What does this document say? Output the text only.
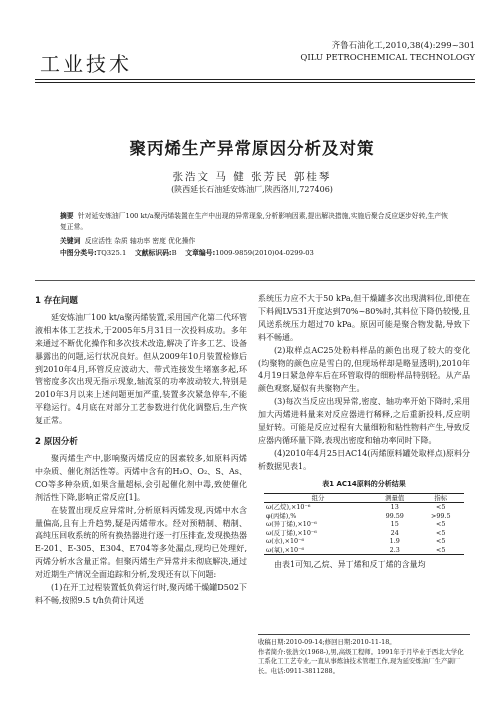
工业技术
齐鲁石油化工,2010,38(4):299~301
QILU PETROCHEMICAL TECHNOLOGY
聚丙烯生产异常原因分析及对策
张浩文 马 健 张芳民 郭桂琴
(陕西延长石油延安炼油厂,陕西洛川,727406)
摘要 针对延安炼油厂100 kt/a聚丙烯装置在生产中出现的异常现象,分析影响因素,提出解决措施,实施后聚合反应逐步好转,生产恢复正常。
关键词 反应活性 杂质 轴功率 密度 优化操作
中图分类号:TQ325.1 文献标识码:B 文章编号:1009-9859(2010)04-0299-03
1 存在问题

延安炼油厂100 kt/a聚丙烯装置,采用国产化第二代环管液相本体工艺技术,于2005年5月31日一次投料成功。多年来通过不断优化操作和多次技术改造,解决了许多工艺、设备暴露出的问题,运行状况良好。但从2009年10月装置检修后到2010年4月,环管反应波动大、带式连接发生堵塞多起,环管密度多次出现无指示现象,轴流泵的功率波动较大,特别是2010年3月以来上述问题更加严重,装置多次紧急停车,不能平稳运行。4月底在对部分工艺参数进行优化调整后,生产恢复正常。

2 原因分析

聚丙烯生产中,影响聚丙烯反应的因素较多,如原料丙烯中杂质、催化剂活性等。丙烯中含有的H₂O、O₂、S、As、CO等多种杂质,如果含量超标,会引起催化剂中毒,致使催化剂活性下降,影响正常反应[1]。

在装置出现反应异常时,分析原料丙烯发现,丙烯中水含量偏高,且有上升趋势,疑是丙烯带水。经对预精制、精制、高纯压回收系统的所有换热器进行逐一打压排查,发现换热器E-201、E-305、E304、E704等多处漏点,现均已处理好,丙烯分析水含量正常。但聚丙烯生产异常并未彻底解决,通过对近期生产情况全面追踪和分析,发现还有以下问题:

(1)在开工过程装置低负荷运行时,聚丙烯干燥罐D502下料不畅,按照9.5 t/h负荷计风送

系统压力应不大于50 kPa,但干燥罐多次出现满料位,即使在下料阀LV531开度达到70%~80%时,其料位下降仍较慢,且风送系统压力超过70 kPa。原因可能是聚合物发黏,导致下料不畅通。

(2)取样点AC25处粉料样品的颜色出现了较大的变化(均聚物的颜色应是雪白的,但现场样却是略显透明),2010年4月19日紧急停车后在环管取得的细粉样品特别轻。从产品颜色观察,疑似有共聚物产生。

(3)每次当反应出现异常,密度、轴功率开始下降时,采用加大丙烯进料量来对反应器进行稀释,之后重新投料,反应明显好转。可能是反应过程有大量细粉和粘性物料产生,导致反应器内循环量下降,表现出密度和轴功率同时下降。

(4)2010年4月25日AC14(丙烯原料罐处取样点)原料分析数据见表1。

表1 AC14原料的分析结果
组分	测量值	指标
ω(乙烷),×10⁻⁶	13	<5
φ(丙烯),%	99.59	>99.5
ω(异丁烯),×10⁻⁶	15	<5
ω(反丁烯),×10⁻⁶	24	<5
ω(水),×10⁻⁶	1.9	<5
ω(氧),×10⁻⁶	2.3	<5

由表1可知,乙烷、异丁烯和反丁烯的含量均

收稿日期:2010-09-14;修回日期:2010-11-18。
作者简介:张浩文(1968-),男,高级工程师。1991年于月毕业于西北大学化工系化工工艺专业,一直从事炼油技术管理工作,现为延安炼油厂生产副厂长。电话:0911-3811288。
